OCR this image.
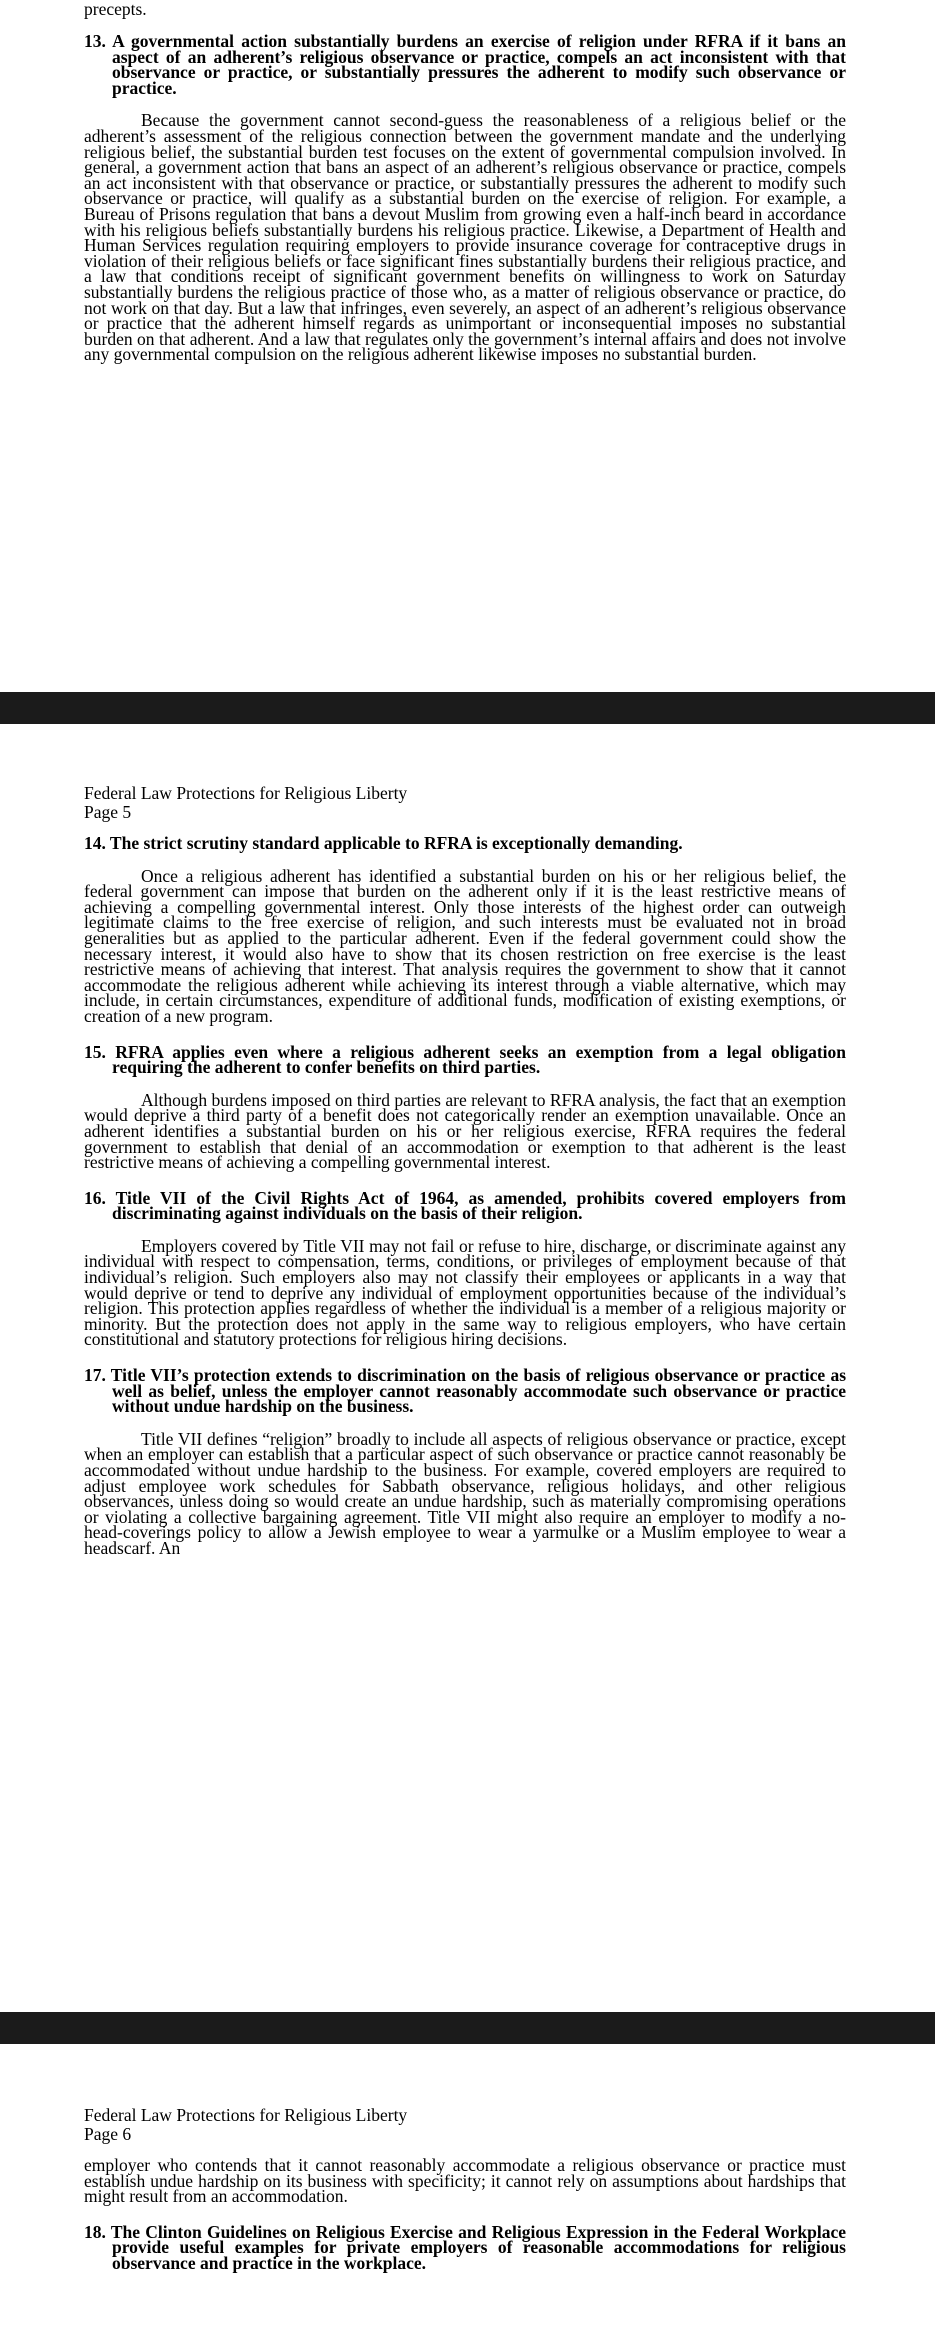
precepts.

13. A governmental action substantially burdens an exercise of religion under RFRA if it bans an aspect of an adherent’s religious observance or practice, compels an act inconsistent with that observance or practice, or substantially pressures the adherent to modify such observance or practice.

Because the government cannot second-guess the reasonableness of a religious belief or the adherent’s assessment of the religious connection between the government mandate and the underlying religious belief, the substantial burden test focuses on the extent of governmental compulsion involved. In general, a government action that bans an aspect of an adherent’s religious observance or practice, compels an act inconsistent with that observance or practice, or substantially pressures the adherent to modify such observance or practice, will qualify as a substantial burden on the exercise of religion. For example, a Bureau of Prisons regulation that bans a devout Muslim from growing even a half-inch beard in accordance with his religious beliefs substantially burdens his religious practice. Likewise, a Department of Health and Human Services regulation requiring employers to provide insurance coverage for contraceptive drugs in violation of their religious beliefs or face significant fines substantially burdens their religious practice, and a law that conditions receipt of significant government benefits on willingness to work on Saturday substantially burdens the religious practice of those who, as a matter of religious observance or practice, do not work on that day. But a law that infringes, even severely, an aspect of an adherent’s religious observance or practice that the adherent himself regards as unimportant or inconsequential imposes no substantial burden on that adherent. And a law that regulates only the government’s internal affairs and does not involve any governmental compulsion on the religious adherent likewise imposes no substantial burden.

Federal Law Protections for Religious Liberty

Page 5

14. The strict scrutiny standard applicable to RFRA is exceptionally demanding.

Once a religious adherent has identified a substantial burden on his or her religious belief, the federal government can impose that burden on the adherent only if it is the least restrictive means of achieving a compelling governmental interest. Only those interests of the highest order can outweigh legitimate claims to the free exercise of religion, and such interests must be evaluated not in broad generalities but as applied to the particular adherent. Even if the federal government could show the necessary interest, it would also have to show that its chosen restriction on free exercise is the least restrictive means of achieving that interest. That analysis requires the government to show that it cannot accommodate the religious adherent while achieving its interest through a viable alternative, which may include, in certain circumstances, expenditure of additional funds, modification of existing exemptions, or creation of a new program.

15. RFRA applies even where a religious adherent seeks an exemption from a legal obligation requiring the adherent to confer benefits on third parties.

Although burdens imposed on third parties are relevant to RFRA analysis, the fact that an exemption would deprive a third party of a benefit does not categorically render an exemption unavailable. Once an adherent identifies a substantial burden on his or her religious exercise, RFRA requires the federal government to establish that denial of an accommodation or exemption to that adherent is the least restrictive means of achieving a compelling governmental interest.

16. Title VII of the Civil Rights Act of 1964, as amended, prohibits covered employers from discriminating against individuals on the basis of their religion.

Employers covered by Title VII may not fail or refuse to hire, discharge, or discriminate against any individual with respect to compensation, terms, conditions, or privileges of employment because of that individual’s religion. Such employers also may not classify their employees or applicants in a way that would deprive or tend to deprive any individual of employment opportunities because of the individual’s religion. This protection applies regardless of whether the individual is a member of a religious majority or minority. But the protection does not apply in the same way to religious employers, who have certain constitutional and statutory protections for religious hiring decisions.

17. Title VII’s protection extends to discrimination on the basis of religious observance or practice as well as belief, unless the employer cannot reasonably accommodate such observance or practice without undue hardship on the business.

Title VII defines “religion” broadly to include all aspects of religious observance or practice, except when an employer can establish that a particular aspect of such observance or practice cannot reasonably be accommodated without undue hardship to the business. For example, covered employers are required to adjust employee work schedules for Sabbath observance, religious holidays, and other religious observances, unless doing so would create an undue hardship, such as materially compromising operations or violating a collective bargaining agreement. Title VII might also require an employer to modify a no-head-coverings policy to allow a Jewish employee to wear a yarmulke or a Muslim employee to wear a headscarf. An

Federal Law Protections for Religious Liberty

Page 6

employer who contends that it cannot reasonably accommodate a religious observance or practice must establish undue hardship on its business with specificity; it cannot rely on assumptions about hardships that might result from an accommodation.

18. The Clinton Guidelines on Religious Exercise and Religious Expression in the Federal Workplace provide useful examples for private employers of reasonable accommodations for religious observance and practice in the workplace.
